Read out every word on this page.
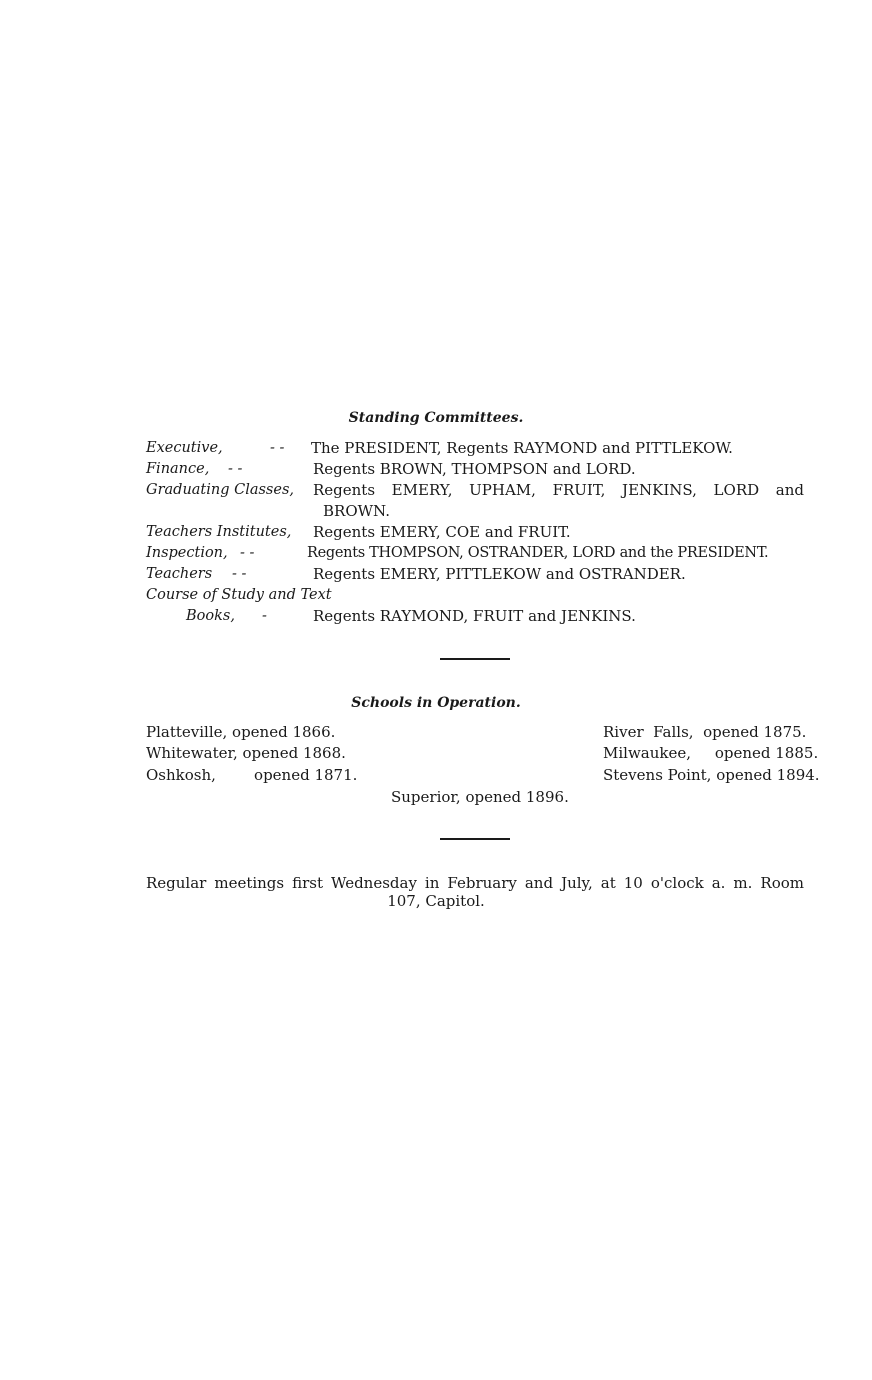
Standing Committees.
Executive,	- - The PRESIDENT, Regents RAYMOND and PITTLEKOW.
Finance, - -	Regents BROWN, THOMPSON and LORD.
Graduating Classes, Regents EMERY, UPHAM, FRUIT, JENKINS, LORD and
BROWN.
Teachers Institutes, Regents EMERY, COE and FRUIT.
Inspection, - -	Regents THOMPSON, OSTRANDER, LORD and the PRESIDENT.
Teachers - -	Regents EMERY, PITTLEKOW and OSTRANDER.
Course of Study and Text
Books, -	Regents RAYMOND, FRUIT and JENKINS.
Schools in Operation.
Platteville, opened 1866.
Whitewater, opened 1868.
Oshkosh,        opened 1871.
River  Falls,  opened 1875.
Milwaukee,     opened 1885.
Stevens Point, opened 1894.
Superior, opened 1896.
Regular meetings first Wednesday in February and July, at 10 o'clock a. m. Room
107, Capitol.
